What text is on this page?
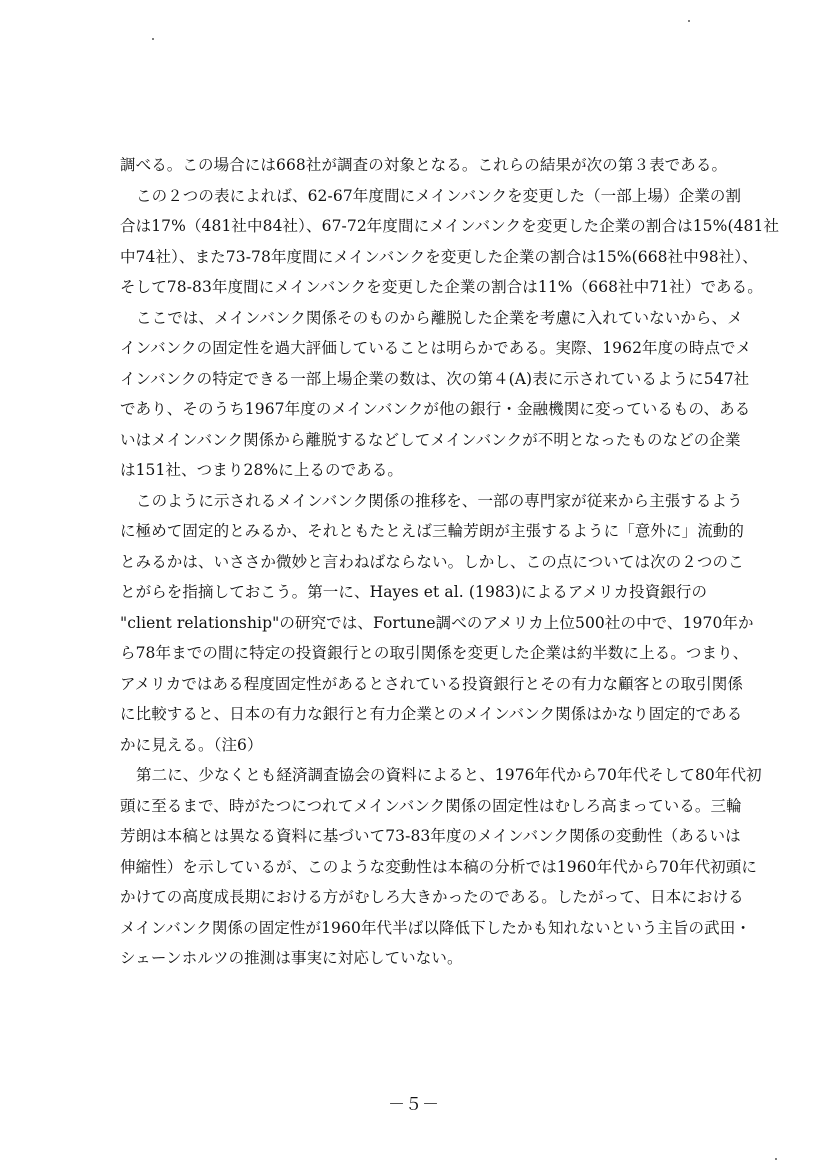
調べる。この場合には668社が調査の対象となる。これらの結果が次の第３表である。
この２つの表によれば、62-67年度間にメインバンクを変更した（一部上場）企業の割
合は17%（481社中84社）、67-72年度間にメインバンクを変更した企業の割合は15%(481社
中74社）、また73-78年度間にメインバンクを変更した企業の割合は15%(668社中98社）、
そして78-83年度間にメインバンクを変更した企業の割合は11%（668社中71社）である。
ここでは、メインバンク関係そのものから離脱した企業を考慮に入れていないから、メ
インバンクの固定性を過大評価していることは明らかである。実際、1962年度の時点でメ
インバンクの特定できる一部上場企業の数は、次の第４(A)表に示されているように547社
であり、そのうち1967年度のメインバンクが他の銀行・金融機関に変っているもの、ある
いはメインバンク関係から離脱するなどしてメインバンクが不明となったものなどの企業
は151社、つまり28%に上るのである。
このように示されるメインバンク関係の推移を、一部の専門家が従来から主張するよう
に極めて固定的とみるか、それともたとえば三輪芳朗が主張するように「意外に」流動的
とみるかは、いささか微妙と言わねばならない。しかし、この点については次の２つのこ
とがらを指摘しておこう。第一に、Hayes et al. (1983)によるアメリカ投資銀行の
"client relationship"の研究では、Fortune調べのアメリカ上位500社の中で、1970年か
ら78年までの間に特定の投資銀行との取引関係を変更した企業は約半数に上る。つまり、
アメリカではある程度固定性があるとされている投資銀行とその有力な顧客との取引関係
に比較すると、日本の有力な銀行と有力企業とのメインバンク関係はかなり固定的である
かに見える。（注6）
第二に、少なくとも経済調査協会の資料によると、1976年代から70年代そして80年代初
頭に至るまで、時がたつにつれてメインバンク関係の固定性はむしろ高まっている。三輪
芳朗は本稿とは異なる資料に基づいて73-83年度のメインバンク関係の変動性（あるいは
伸縮性）を示しているが、このような変動性は本稿の分析では1960年代から70年代初頭に
かけての高度成長期における方がむしろ大きかったのである。したがって、日本における
メインバンク関係の固定性が1960年代半ば以降低下したかも知れないという主旨の武田・
シェーンホルツの推測は事実に対応していない。
－５－
